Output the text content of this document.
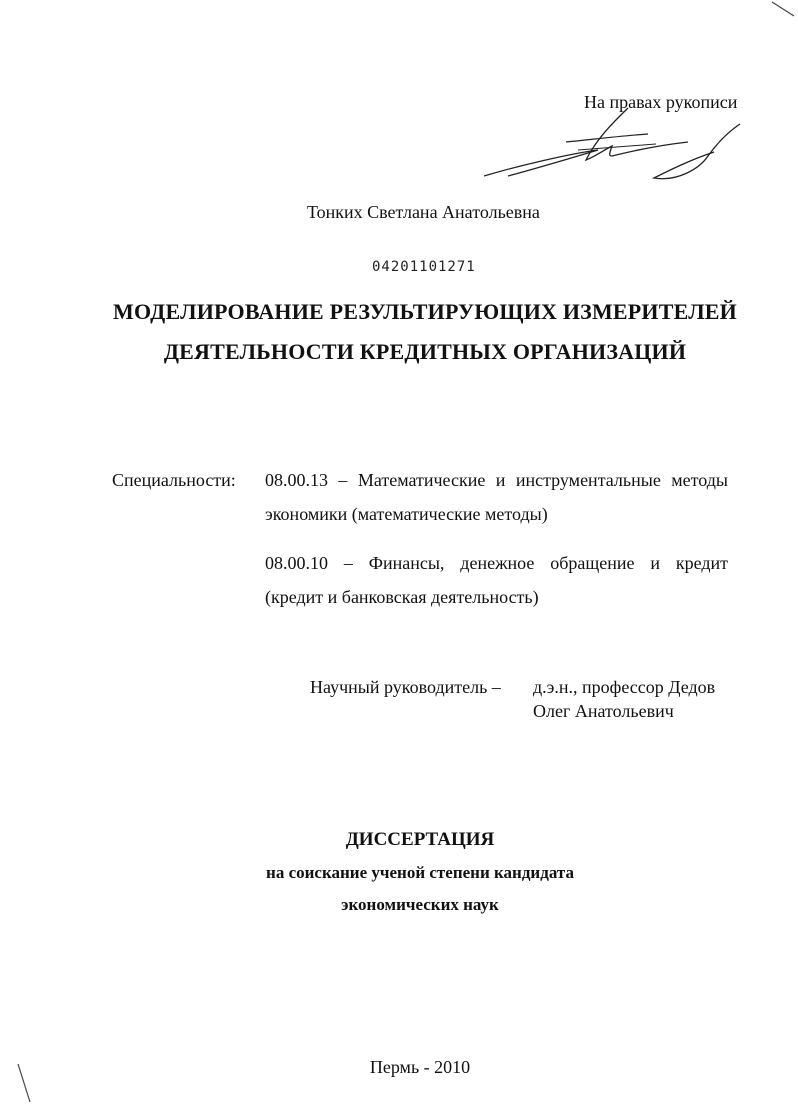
На правах рукописи
Тонких Светлана Анатольевна
04201101271
МОДЕЛИРОВАНИЕ РЕЗУЛЬТИРУЮЩИХ ИЗМЕРИТЕЛЕЙ
ДЕЯТЕЛЬНОСТИ КРЕДИТНЫХ ОРГАНИЗАЦИЙ
Специальности: 08.00.13 – Математические и инструментальные методы
экономики (математические методы)
08.00.10 – Финансы, денежное обращение и кредит
(кредит и банковская деятельность)
Научный руководитель – д.э.н., профессор Дедов
Олег Анатольевич
ДИССЕРТАЦИЯ
на соискание ученой степени кандидата
экономических наук
Пермь - 2010
